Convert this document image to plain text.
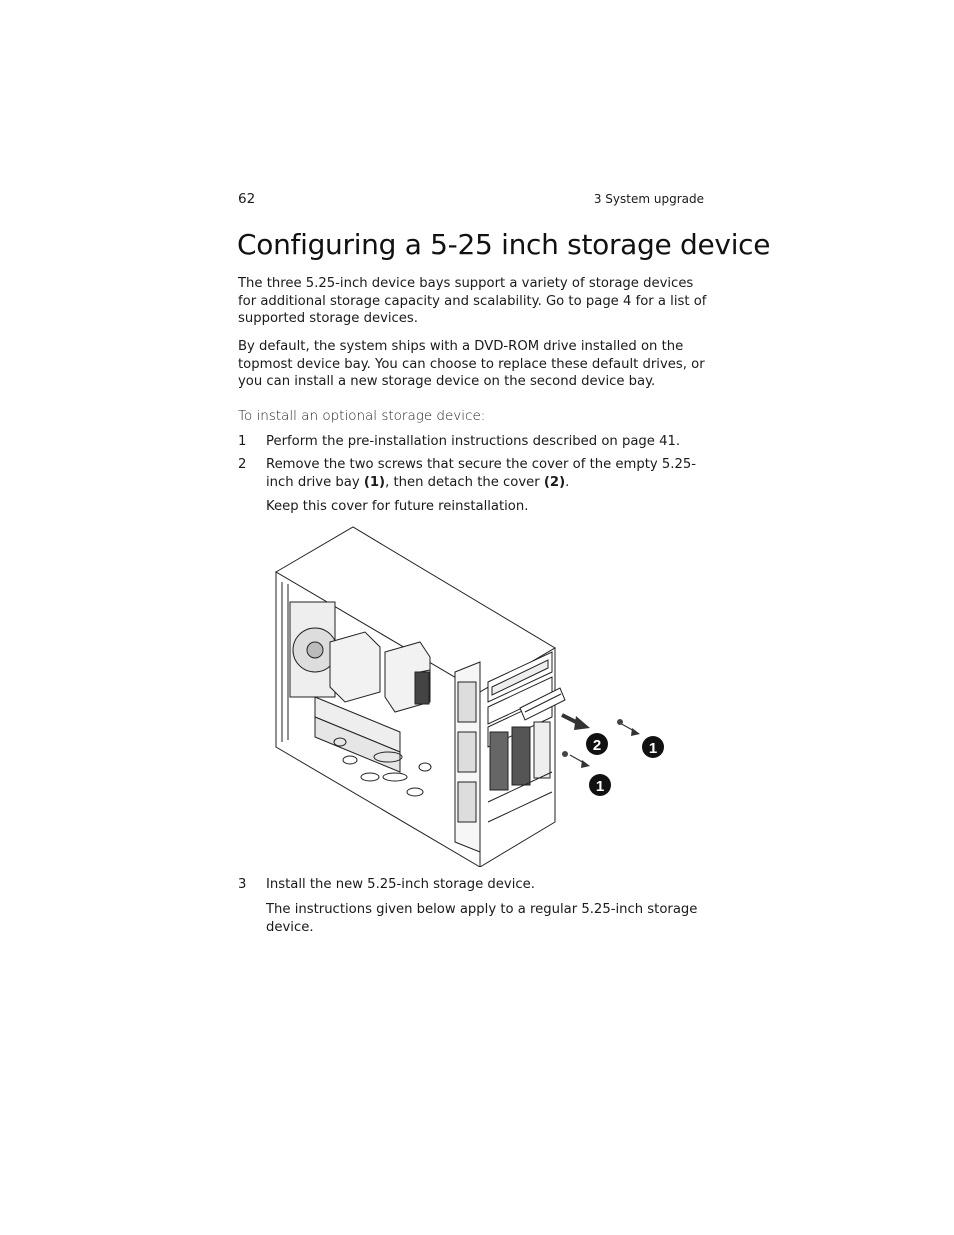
62	3 System upgrade
Configuring a 5-25 inch storage device

The three 5.25-inch device bays support a variety of storage devices for additional storage capacity and scalability. Go to page 4 for a list of supported storage devices.

By default, the system ships with a DVD-ROM drive installed on the topmost device bay. You can choose to replace these default drives, or you can install a new storage device on the second device bay.

To install an optional storage device:
1 Perform the pre-installation instructions described on page 41.
2 Remove the two screws that secure the cover of the empty 5.25-inch drive bay (1), then detach the cover (2).
Keep this cover for future reinstallation.
2	1
1
3 Install the new 5.25-inch storage device.
The instructions given below apply to a regular 5.25-inch storage device.
